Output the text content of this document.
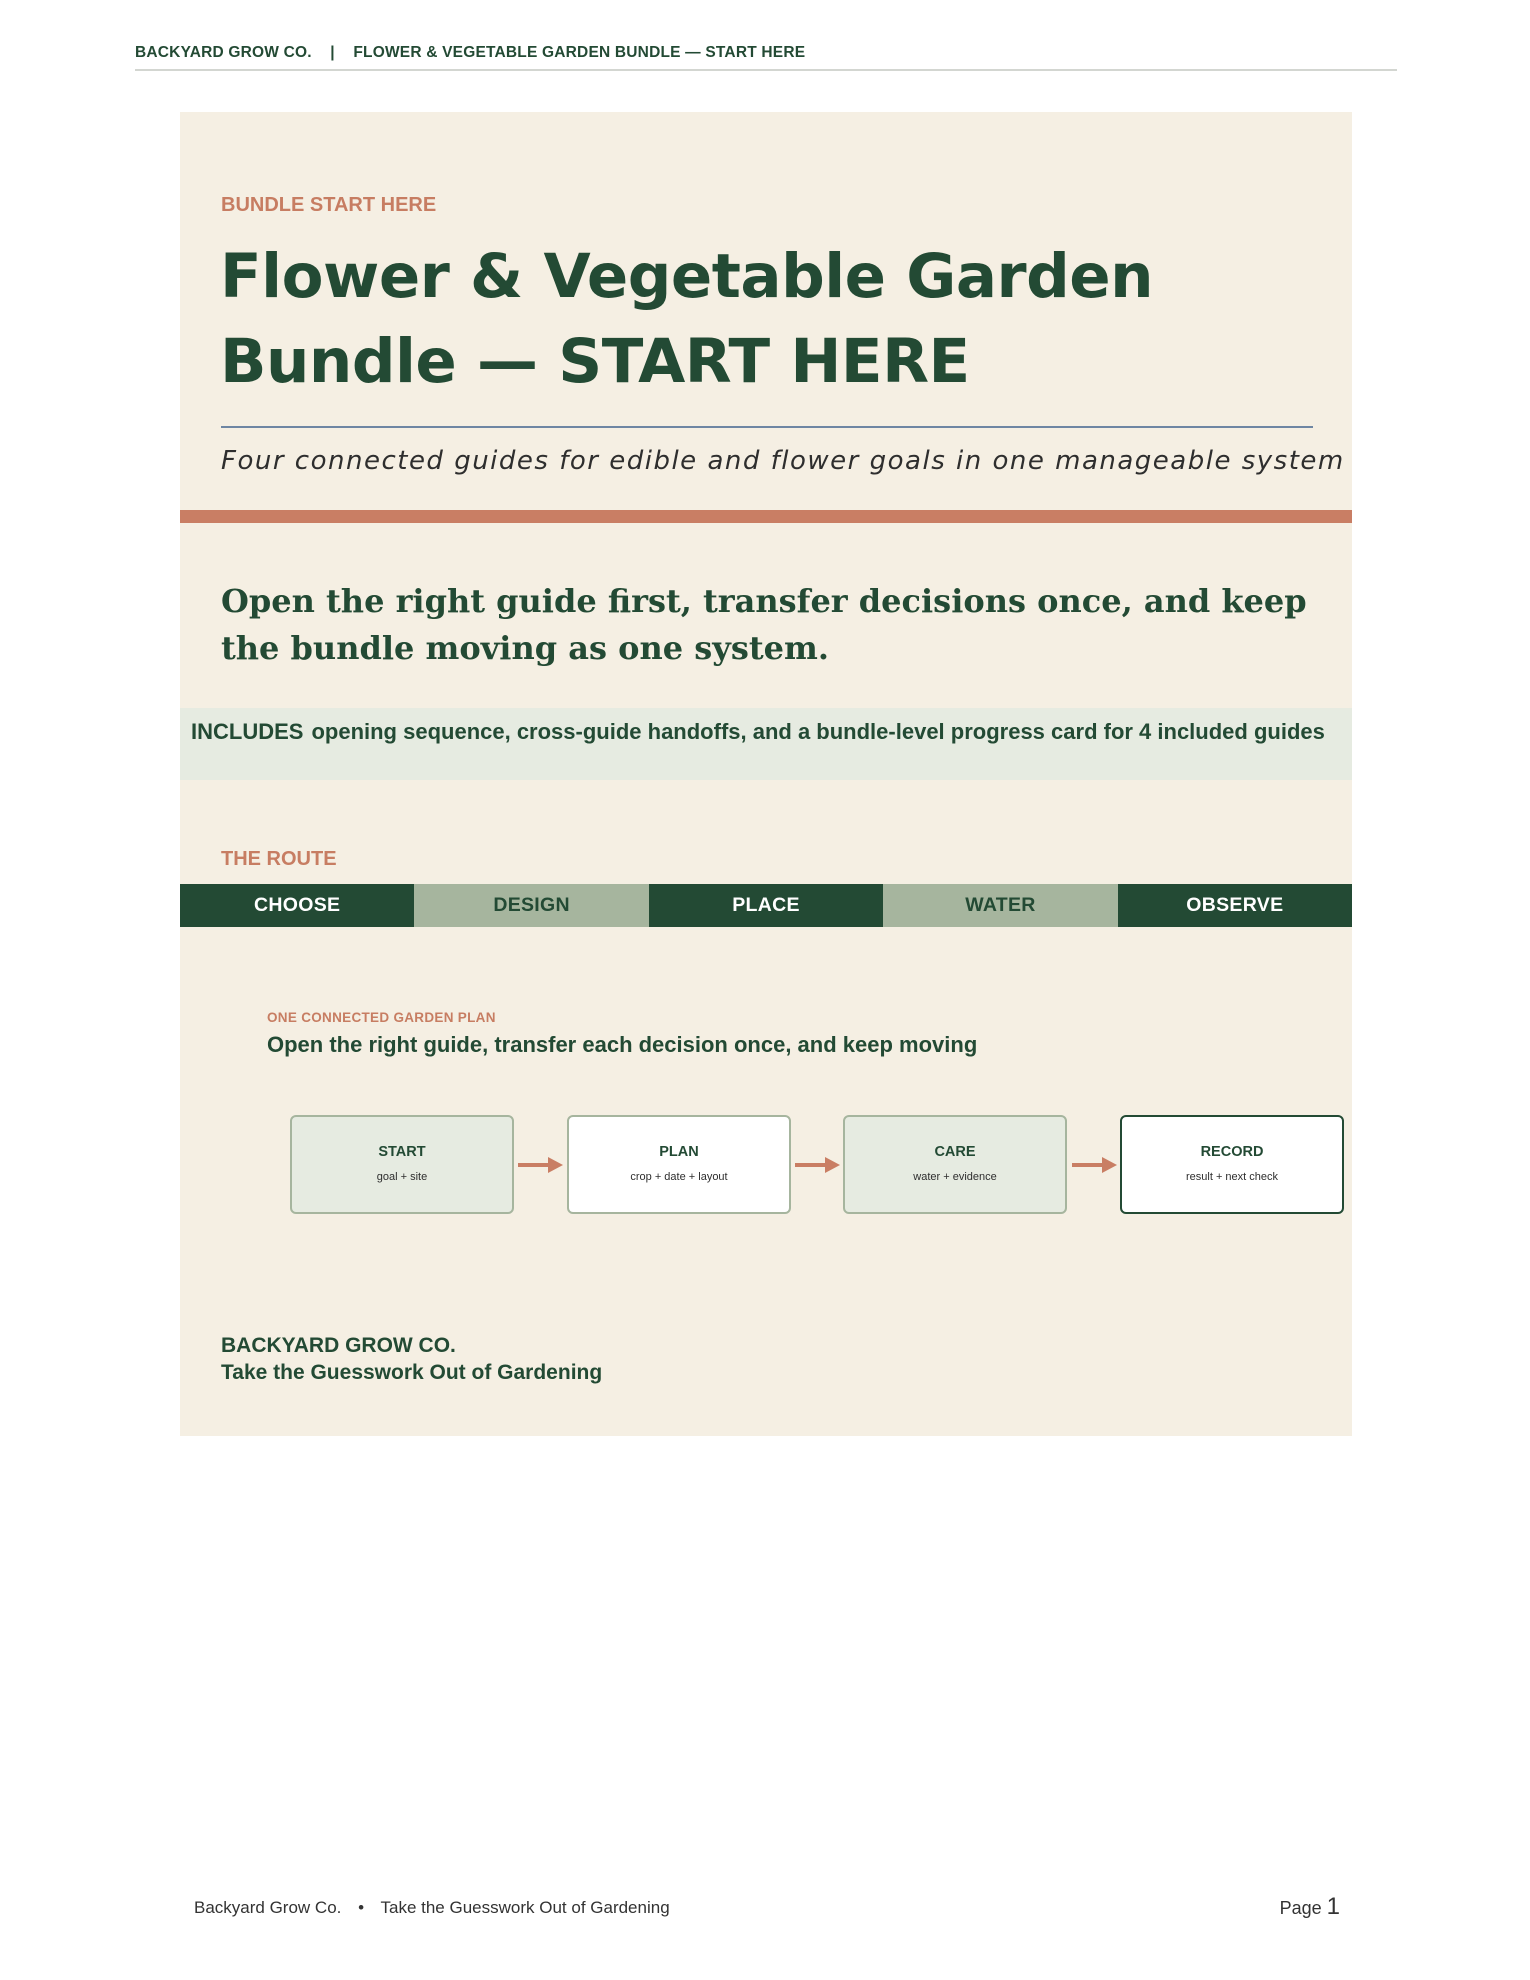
BACKYARD GROW CO. | FLOWER & VEGETABLE GARDEN BUNDLE — START HERE
BUNDLE START HERE
Flower & Vegetable Garden Bundle — START HERE
Four connected guides for edible and flower goals in one manageable system

Open the right guide first, transfer decisions once, and keep the bundle moving as one system.

INCLUDES opening sequence, cross-guide handoffs, and a bundle-level progress card for 4 included guides
THE ROUTE
CHOOSE	DESIGN	PLACE	WATER	OBSERVE
ONE CONNECTED GARDEN PLAN
Open the right guide, transfer each decision once, and keep moving
START
goal + site
PLAN
crop + date + layout
CARE
water + evidence
RECORD
result + next check
BACKYARD GROW CO.
Take the Guesswork Out of Gardening
Backyard Grow Co. • Take the Guesswork Out of Gardening	Page 1
